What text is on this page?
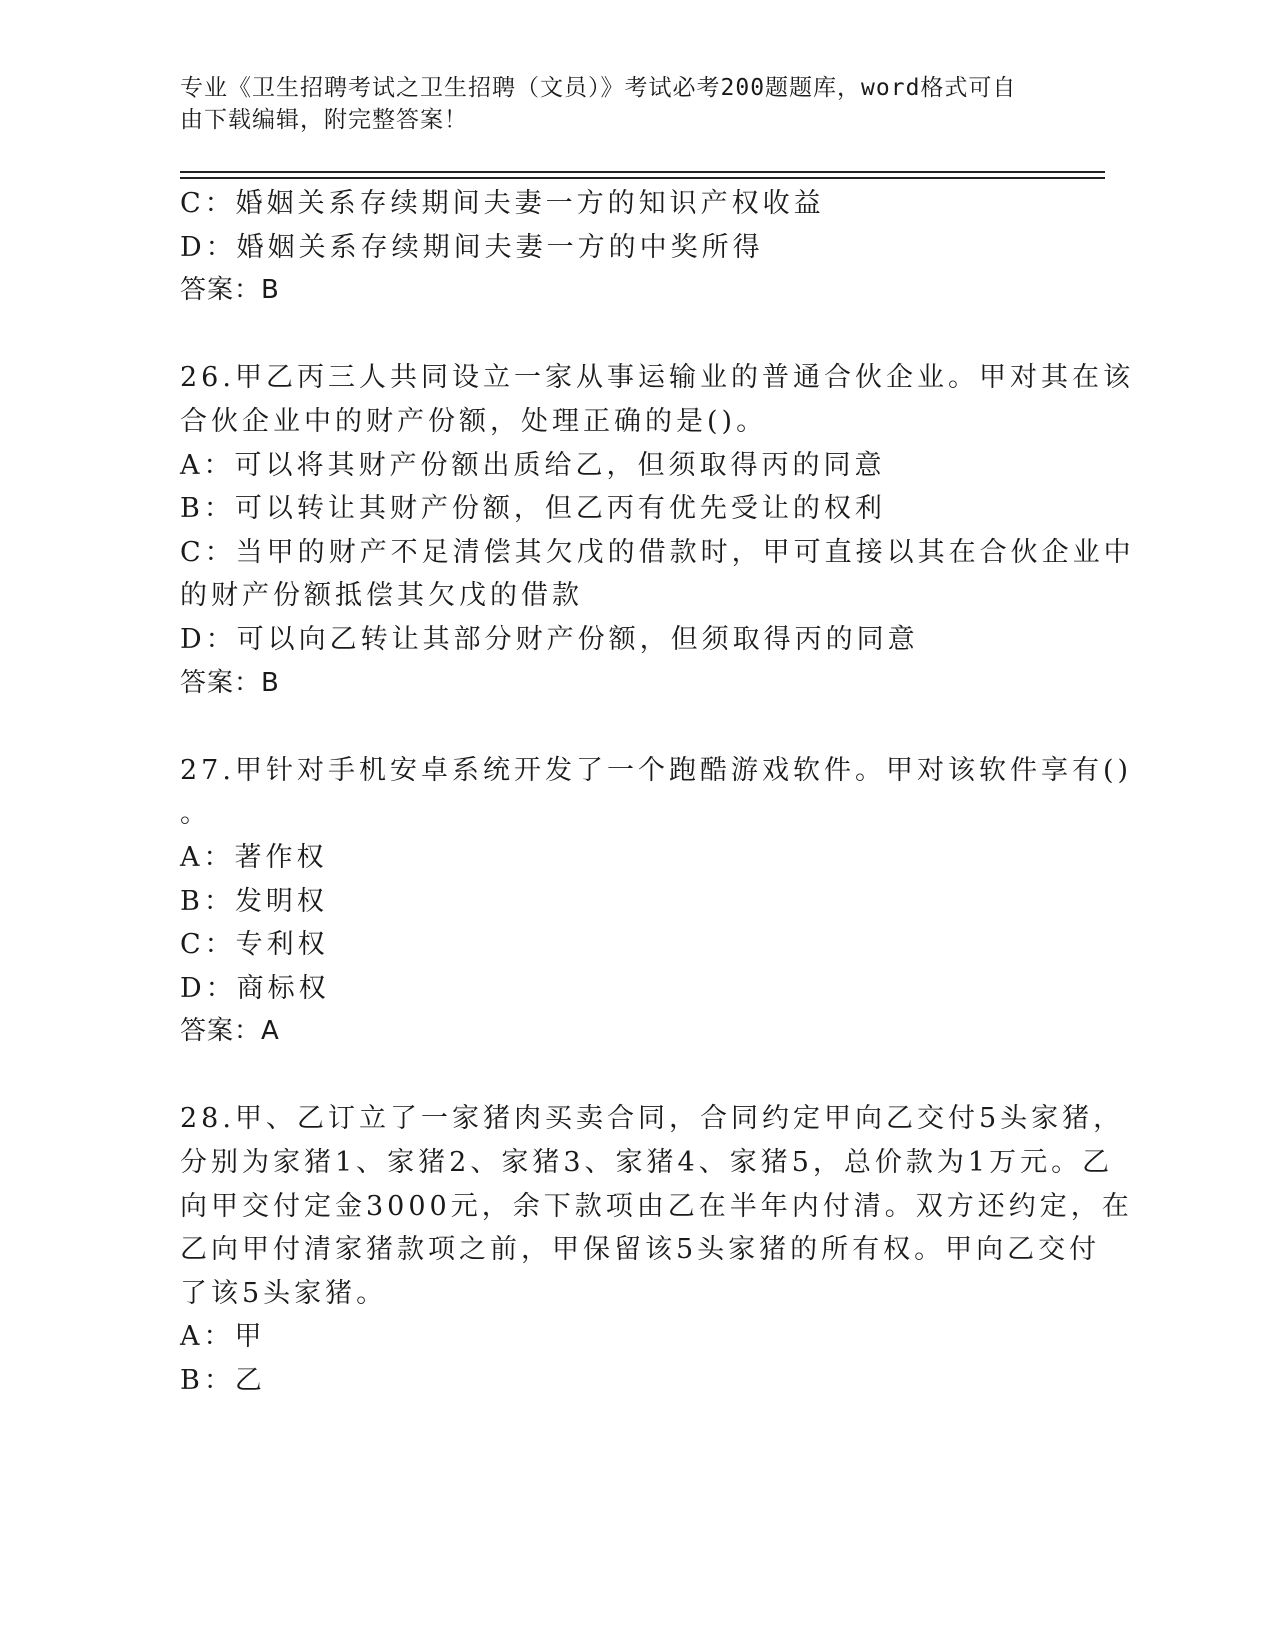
专业《卫生招聘考试之卫生招聘（文员）》考试必考200题题库，word格式可自
由下载编辑，附完整答案！
C：婚姻关系存续期间夫妻一方的知识产权收益
D：婚姻关系存续期间夫妻一方的中奖所得
答案：B
26.甲乙丙三人共同设立一家从事运输业的普通合伙企业。甲对其在该
合伙企业中的财产份额，处理正确的是()。
A：可以将其财产份额出质给乙，但须取得丙的同意
B：可以转让其财产份额，但乙丙有优先受让的权利
C：当甲的财产不足清偿其欠戊的借款时，甲可直接以其在合伙企业中
的财产份额抵偿其欠戊的借款
D：可以向乙转让其部分财产份额，但须取得丙的同意
答案：B
27.甲针对手机安卓系统开发了一个跑酷游戏软件。甲对该软件享有()
。
A：著作权
B：发明权
C：专利权
D：商标权
答案：A
28.甲、乙订立了一家猪肉买卖合同，合同约定甲向乙交付5头家猪，
分别为家猪1、家猪2、家猪3、家猪4、家猪5，总价款为1万元。乙
向甲交付定金3000元，余下款项由乙在半年内付清。双方还约定，在
乙向甲付清家猪款项之前，甲保留该5头家猪的所有权。甲向乙交付
了该5头家猪。
A：甲
B：乙
